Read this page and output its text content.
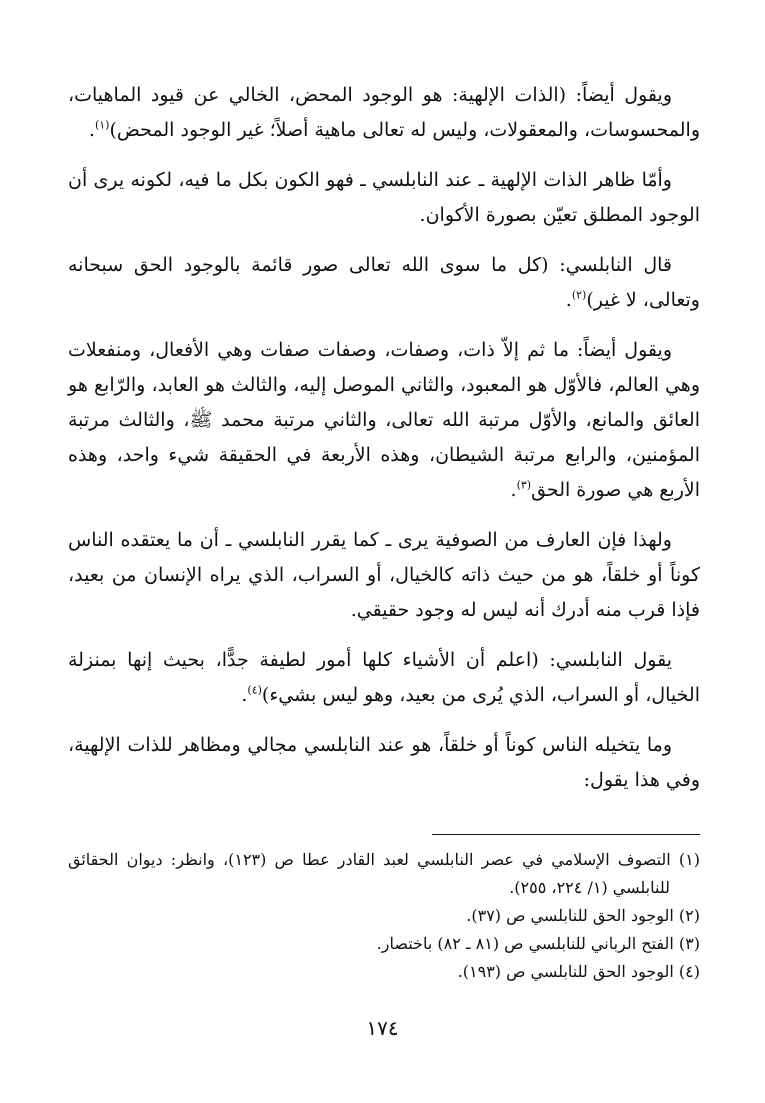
ويقول أيضاً: (الذات الإلهية: هو الوجود المحض، الخالي عن قيود الماهيات، والمحسوسات، والمعقولات، وليس له تعالى ماهية أصلاً؛ غير الوجود المحض)$^{(١)}$.

وأمّا ظاهر الذات الإلهية ـ عند النابلسي ـ فهو الكون بكل ما فيه، لكونه يرى أن الوجود المطلق تعيّن بصورة الأكوان.

قال النابلسي: (كل ما سوى الله تعالى صور قائمة بالوجود الحق سبحانه وتعالى، لا غير)$^{(٢)}$.

ويقول أيضاً: ما ثم إلاّ ذات، وصفات، وصفات صفات وهي الأفعال، ومنفعلات وهي العالم، فالأوّل هو المعبود، والثاني الموصل إليه، والثالث هو العابد، والرّابع هو العائق والمانع، والأوّل مرتبة الله تعالى، والثاني مرتبة محمد ﷺ، والثالث مرتبة المؤمنين، والرابع مرتبة الشيطان، وهذه الأربعة في الحقيقة شيء واحد، وهذه الأربع هي صورة الحق$^{(٣)}$.

ولهذا فإن العارف من الصوفية يرى ـ كما يقرر النابلسي ـ أن ما يعتقده الناس كوناً أو خلقاً، هو من حيث ذاته كالخيال، أو السراب، الذي يراه الإنسان من بعيد، فإذا قرب منه أدرك أنه ليس له وجود حقيقي.

يقول النابلسي: (اعلم أن الأشياء كلها أمور لطيفة جدًّا، بحيث إنها بمنزلة الخيال، أو السراب، الذي يُرى من بعيد، وهو ليس بشيء)$^{(٤)}$.

وما يتخيله الناس كوناً أو خلقاً، هو عند النابلسي مجالي ومظاهر للذات الإلهية، وفي هذا يقول:

(١) التصوف الإسلامي في عصر النابلسي لعبد القادر عطا ص (١٢٣)، وانظر: ديوان الحقائق للنابلسي (١/ ٢٢٤، ٢٥٥).

(٢) الوجود الحق للنابلسي ص (٣٧).

(٣) الفتح الرباني للنابلسي ص (٨١ ـ ٨٢) باختصار.

(٤) الوجود الحق للنابلسي ص (١٩٣).

١٧٤
